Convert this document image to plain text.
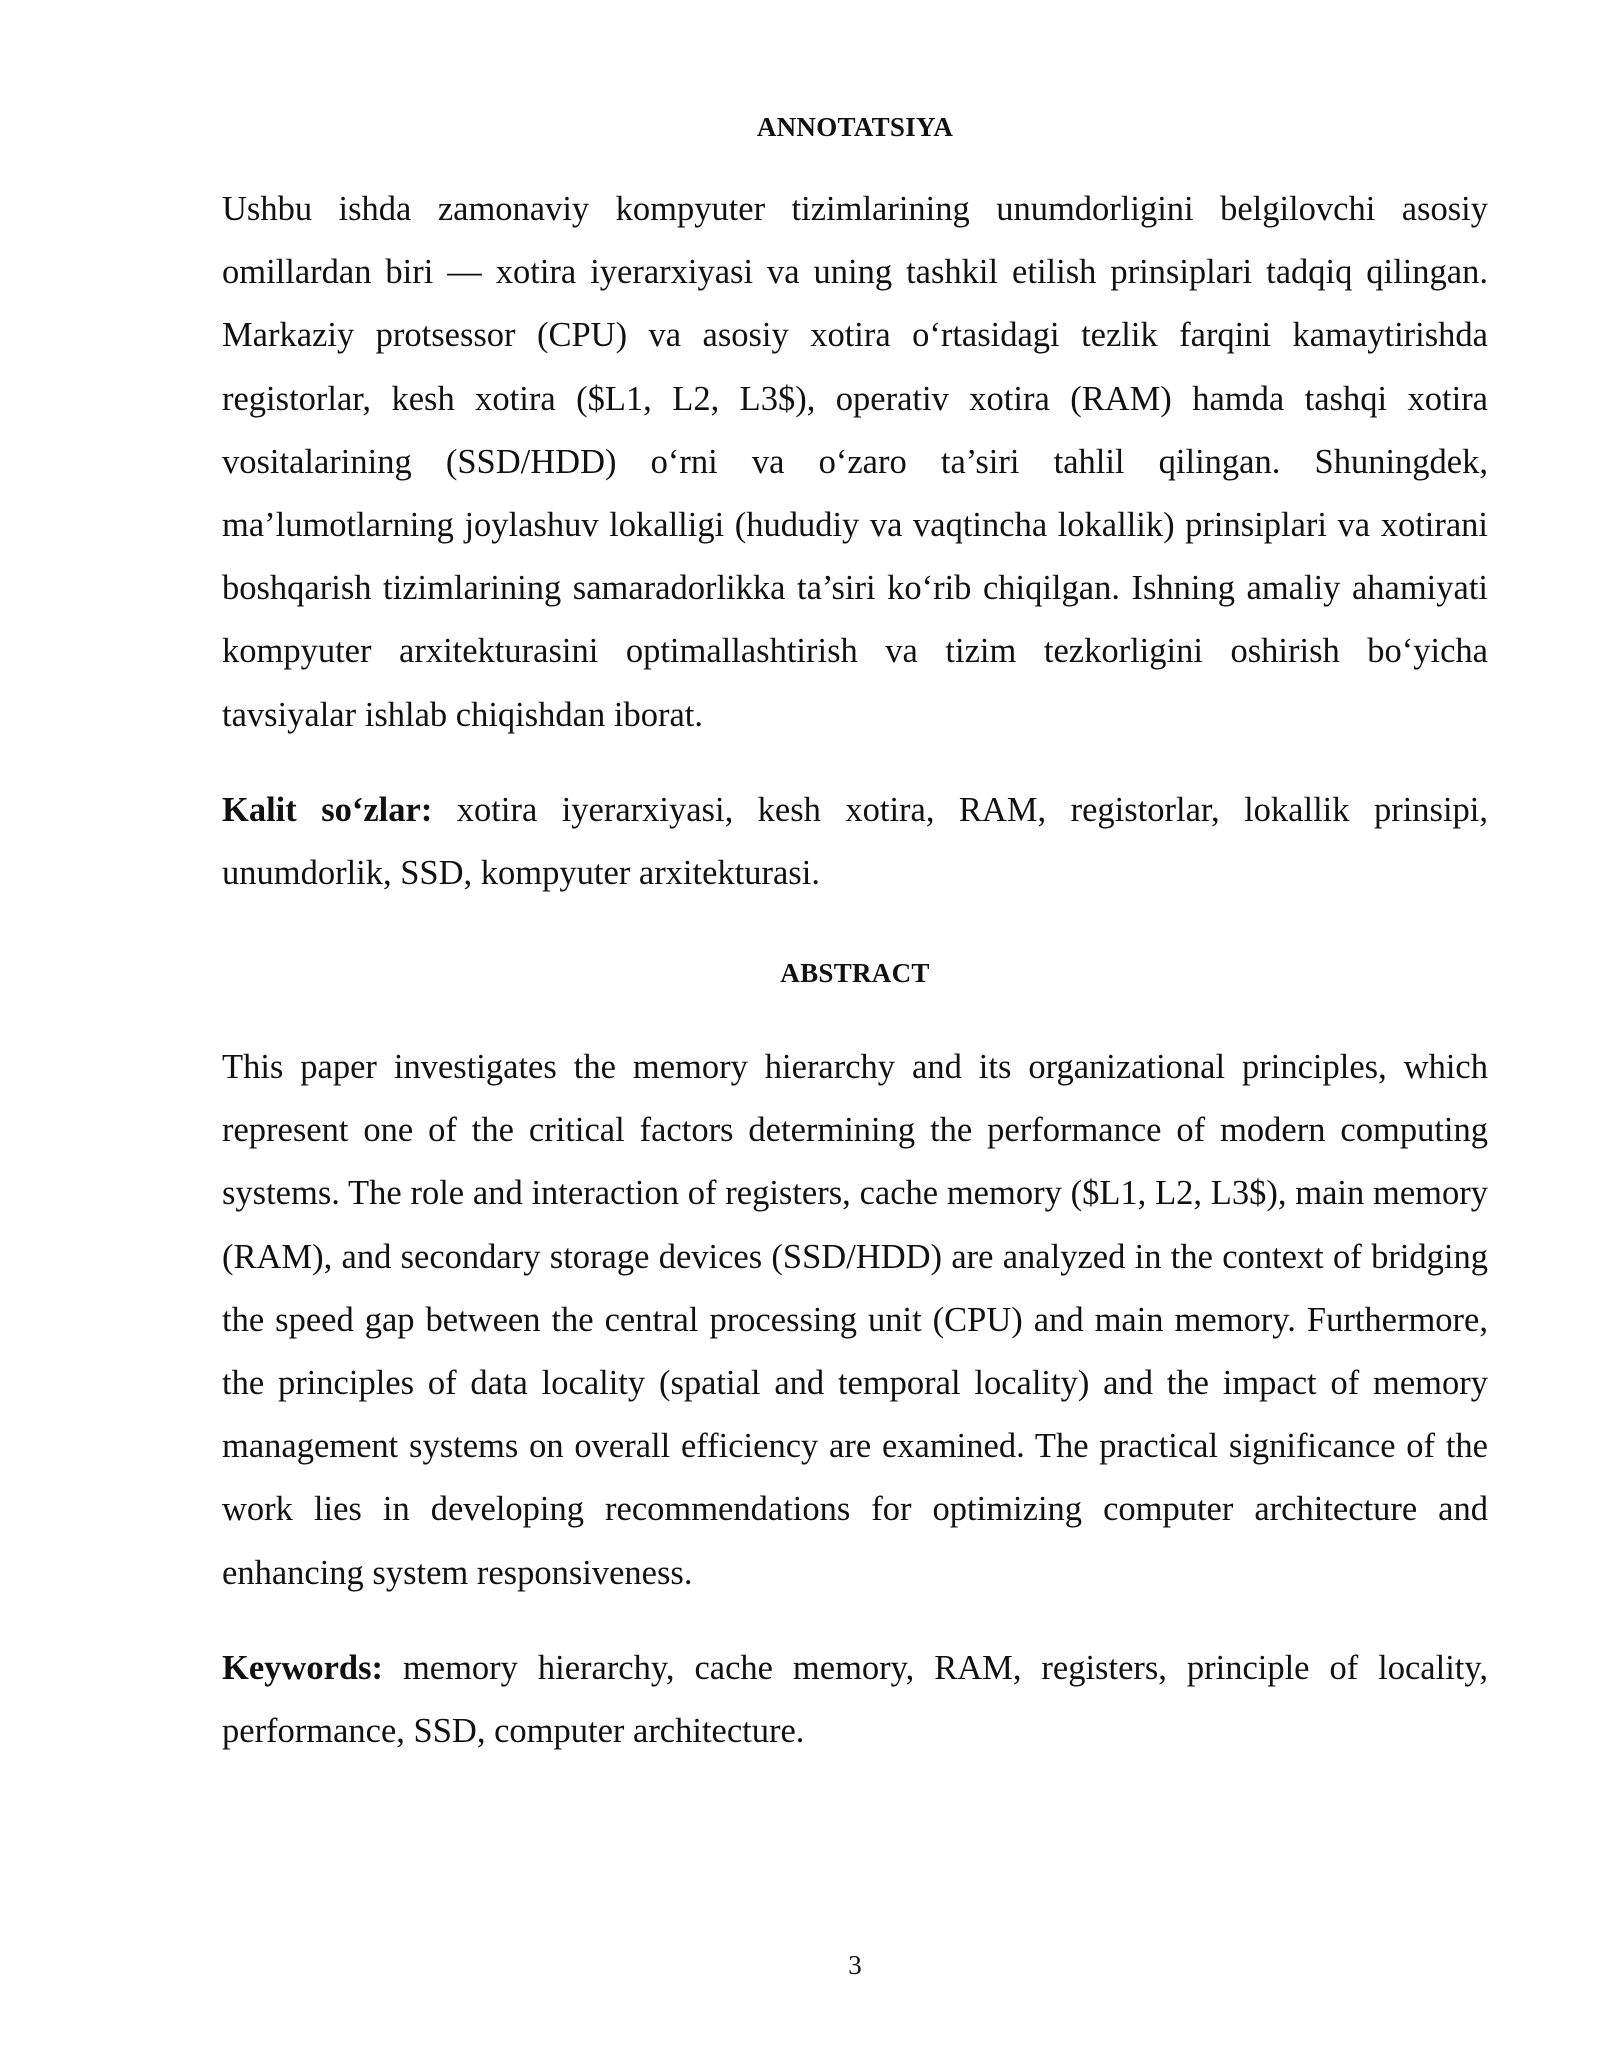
ANNOTATSIYA

Ushbu ishda zamonaviy kompyuter tizimlarining unumdorligini belgilovchi asosiy omillardan biri — xotira iyerarxiyasi va uning tashkil etilish prinsiplari tadqiq qilingan. Markaziy protsessor (CPU) va asosiy xotira o‘rtasidagi tezlik farqini kamaytirishda registorlar, kesh xotira ($L1, L2, L3$), operativ xotira (RAM) hamda tashqi xotira vositalarining (SSD/HDD) o‘rni va o‘zaro ta’siri tahlil qilingan. Shuningdek, ma’lumotlarning joylashuv lokalligi (hududiy va vaqtincha lokallik) prinsiplari va xotirani boshqarish tizimlarining samaradorlikka ta’siri ko‘rib chiqilgan. Ishning amaliy ahamiyati kompyuter arxitekturasini optimallashtirish va tizim tezkorligini oshirish bo‘yicha tavsiyalar ishlab chiqishdan iborat.

Kalit so‘zlar: xotira iyerarxiyasi, kesh xotira, RAM, registorlar, lokallik prinsipi, unumdorlik, SSD, kompyuter arxitekturasi.

ABSTRACT

This paper investigates the memory hierarchy and its organizational principles, which represent one of the critical factors determining the performance of modern computing systems. The role and interaction of registers, cache memory ($L1, L2, L3$), main memory (RAM), and secondary storage devices (SSD/HDD) are analyzed in the context of bridging the speed gap between the central processing unit (CPU) and main memory. Furthermore, the principles of data locality (spatial and temporal locality) and the impact of memory management systems on overall efficiency are examined. The practical significance of the work lies in developing recommendations for optimizing computer architecture and enhancing system responsiveness.

Keywords: memory hierarchy, cache memory, RAM, registers, principle of locality, performance, SSD, computer architecture.

3
